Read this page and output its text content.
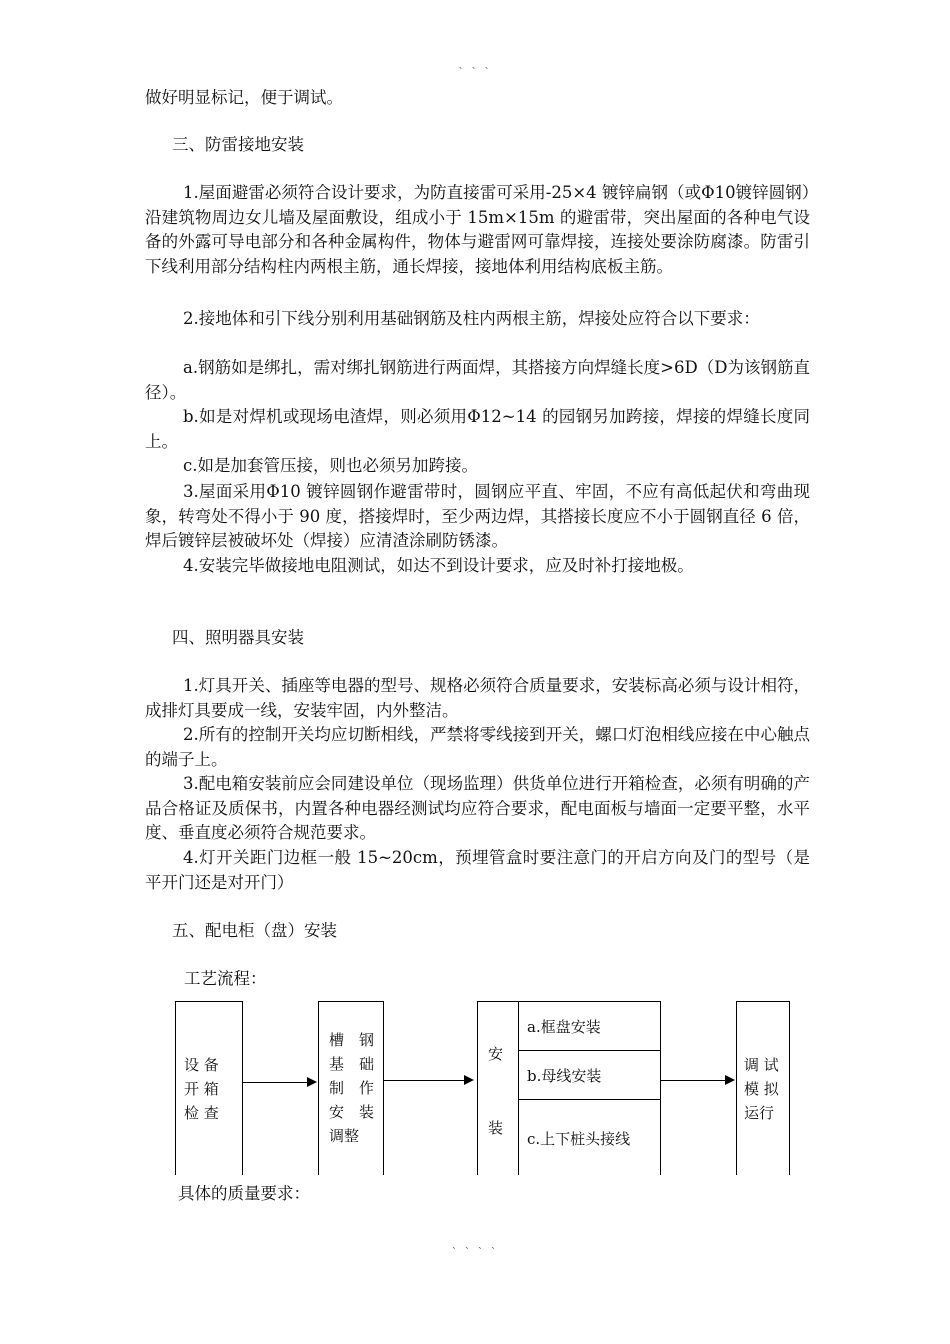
` ` `
做好明显标记，便于调试。
三、防雷接地安装
1.屋面避雷必须符合设计要求，为防直接雷可采用-25×4 镀锌扁钢（或Φ10镀锌圆钢）沿建筑物周边女儿墙及屋面敷设，组成小于 15m×15m 的避雷带，突出屋面的各种电气设备的外露可导电部分和各种金属构件，物体与避雷网可靠焊接，连接处要涂防腐漆。防雷引下线利用部分结构柱内两根主筋，通长焊接，接地体利用结构底板主筋。
2.接地体和引下线分别利用基础钢筋及柱内两根主筋，焊接处应符合以下要求：
a.钢筋如是绑扎，需对绑扎钢筋进行两面焊，其搭接方向焊缝长度>6D（D为该钢筋直径）。
b.如是对焊机或现场电渣焊，则必须用Φ12~14 的园钢另加跨接，焊接的焊缝长度同上。
c.如是加套管压接，则也必须另加跨接。
3.屋面采用Φ10 镀锌圆钢作避雷带时，圆钢应平直、牢固，不应有高低起伏和弯曲现象，转弯处不得小于 90 度，搭接焊时，至少两边焊，其搭接长度应不小于圆钢直径 6 倍，焊后镀锌层被破坏处（焊接）应清渣涂刷防锈漆。
4.安装完毕做接地电阻测试，如达不到设计要求，应及时补打接地极。
四、照明器具安装
1.灯具开关、插座等电器的型号、规格必须符合质量要求，安装标高必须与设计相符，成排灯具要成一线，安装牢固，内外整洁。
2.所有的控制开关均应切断相线，严禁将零线接到开关，螺口灯泡相线应接在中心触点的端子上。
3.配电箱安装前应会同建设单位（现场监理）供货单位进行开箱检查，必须有明确的产品合格证及质保书，内置各种电器经测试均应符合要求，配电面板与墙面一定要平整，水平度、垂直度必须符合规范要求。
4.灯开关距门边框一般 15~20cm，预埋管盒时要注意门的开启方向及门的型号（是平开门还是对开门）
五、配电柜（盘）安装
工艺流程：
设 备
开 箱
检 查
槽　钢
基　础
制　作
安　装
调整
安
装
a.框盘安装
b.母线安装
c.上下桩头接线
调 试
模 拟
运行
具体的质量要求：
` ` ` `
